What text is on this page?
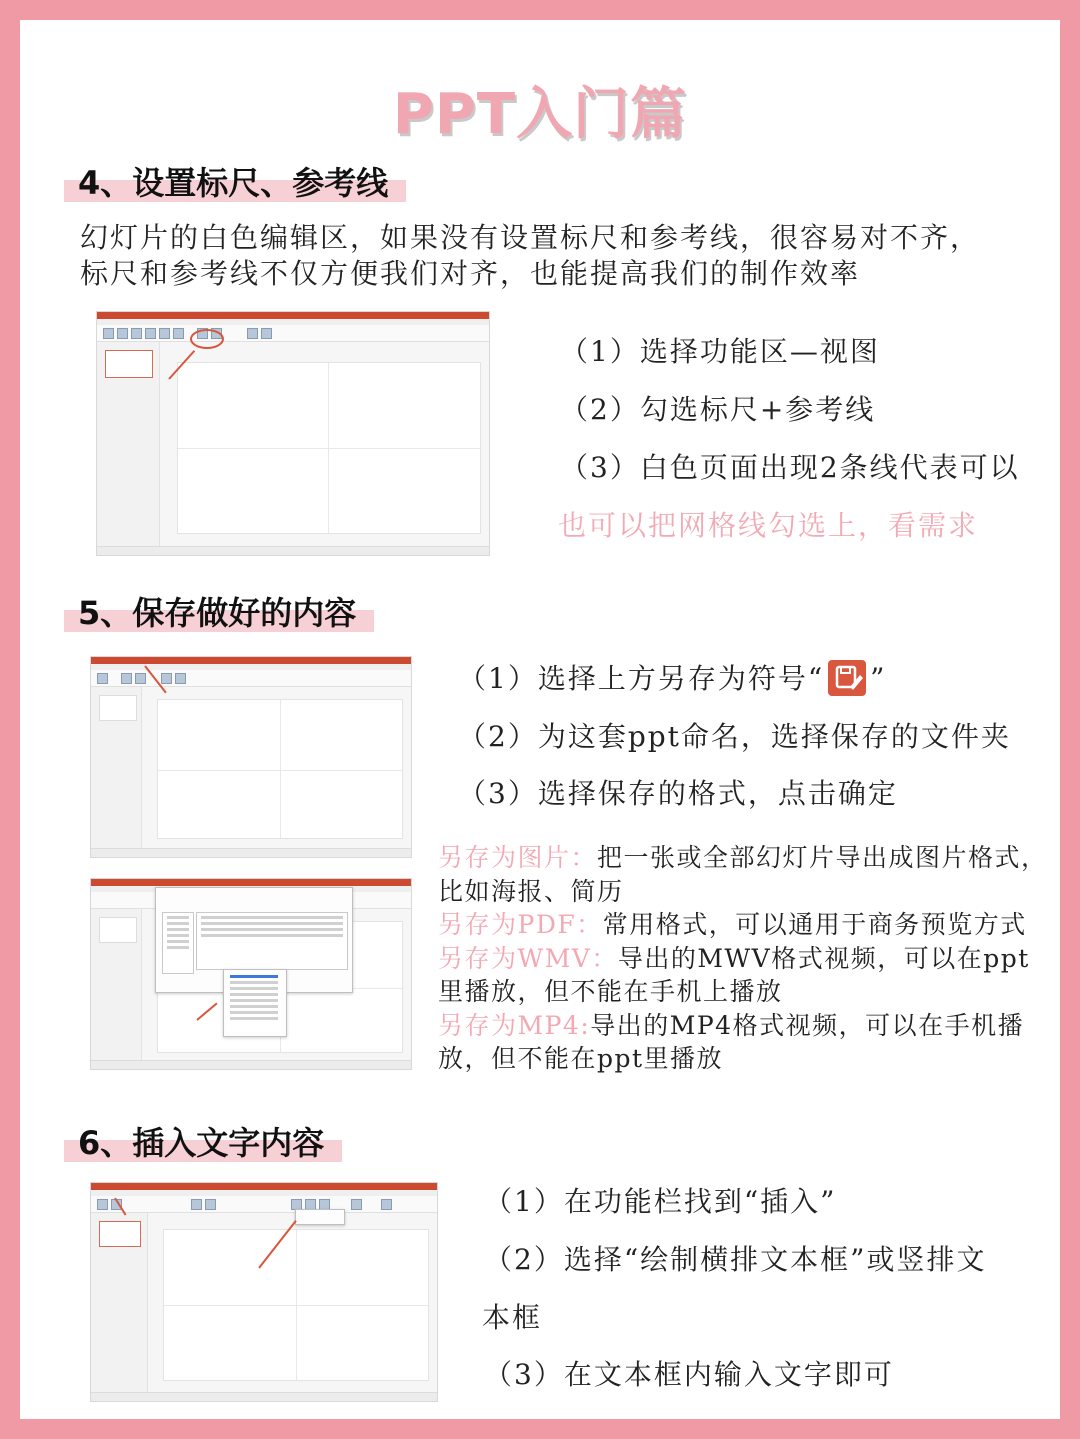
PPT入门篇
4、设置标尺、参考线
幻灯片的白色编辑区，如果没有设置标尺和参考线，很容易对不齐，
标尺和参考线不仅方便我们对齐，也能提高我们的制作效率
（1）选择功能区—视图
（2）勾选标尺+参考线
（3）白色页面出现2条线代表可以
也可以把网格线勾选上，看需求
5、保存做好的内容
（1）选择上方另存为符号“ ”
（2）为这套ppt命名，选择保存的文件夹
（3）选择保存的格式，点击确定
另存为图片：把一张或全部幻灯片导出成图片格式，比如海报、简历
另存为PDF：常用格式，可以通用于商务预览方式
另存为WMV：导出的MWV格式视频，可以在ppt里播放，但不能在手机上播放
另存为MP4:导出的MP4格式视频，可以在手机播放，但不能在ppt里播放
6、插入文字内容
（1）在功能栏找到“插入”
（2）选择“绘制横排文本框”或竖排文
本框
（3）在文本框内输入文字即可
